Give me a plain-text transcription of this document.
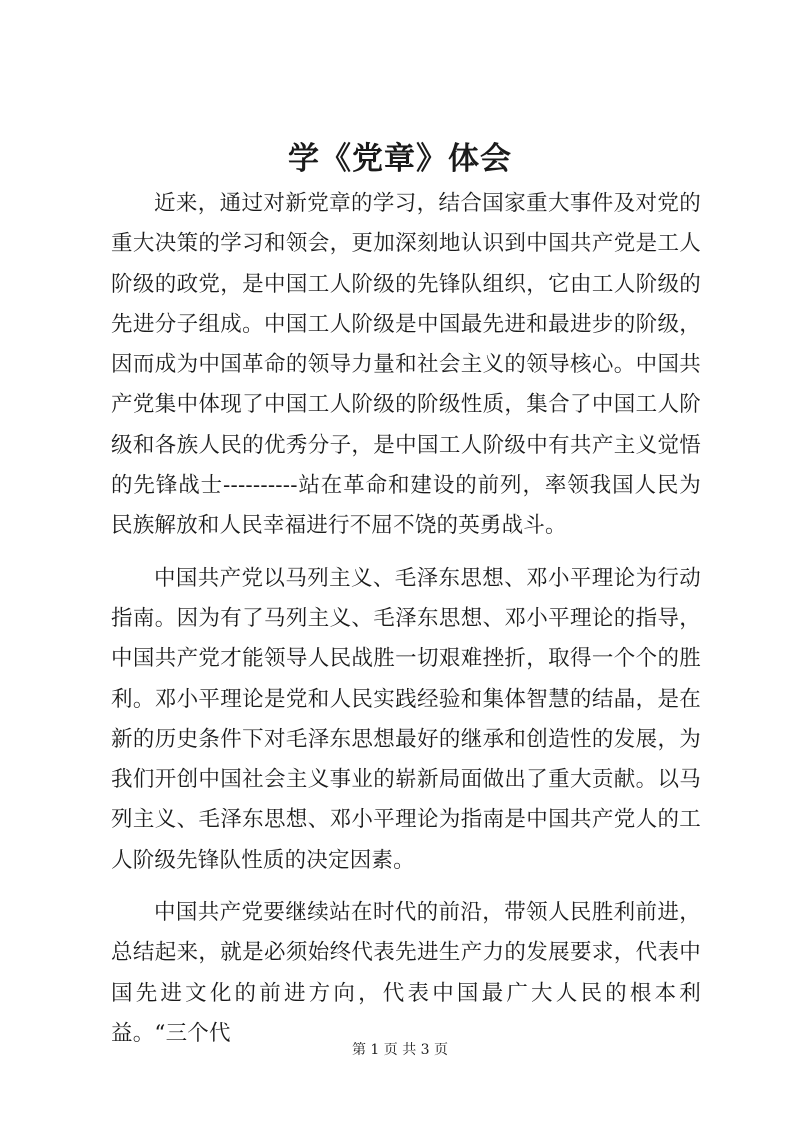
学《党章》体会

近来，通过对新党章的学习，结合国家重大事件及对党的重大决策的学习和领会，更加深刻地认识到中国共产党是工人阶级的政党，是中国工人阶级的先锋队组织，它由工人阶级的先进分子组成。中国工人阶级是中国最先进和最进步的阶级，因而成为中国革命的领导力量和社会主义的领导核心。中国共产党集中体现了中国工人阶级的阶级性质，集合了中国工人阶级和各族人民的优秀分子，是中国工人阶级中有共产主义觉悟的先锋战士----------站在革命和建设的前列，率领我国人民为民族解放和人民幸福进行不屈不饶的英勇战斗。

中国共产党以马列主义、毛泽东思想、邓小平理论为行动指南。因为有了马列主义、毛泽东思想、邓小平理论的指导，中国共产党才能领导人民战胜一切艰难挫折，取得一个个的胜利。邓小平理论是党和人民实践经验和集体智慧的结晶，是在新的历史条件下对毛泽东思想最好的继承和创造性的发展，为我们开创中国社会主义事业的崭新局面做出了重大贡献。以马列主义、毛泽东思想、邓小平理论为指南是中国共产党人的工人阶级先锋队性质的决定因素。

中国共产党要继续站在时代的前沿，带领人民胜利前进，总结起来，就是必须始终代表先进生产力的发展要求，代表中国先进文化的前进方向，代表中国最广大人民的根本利益。“三个代

第 1 页 共 3 页
